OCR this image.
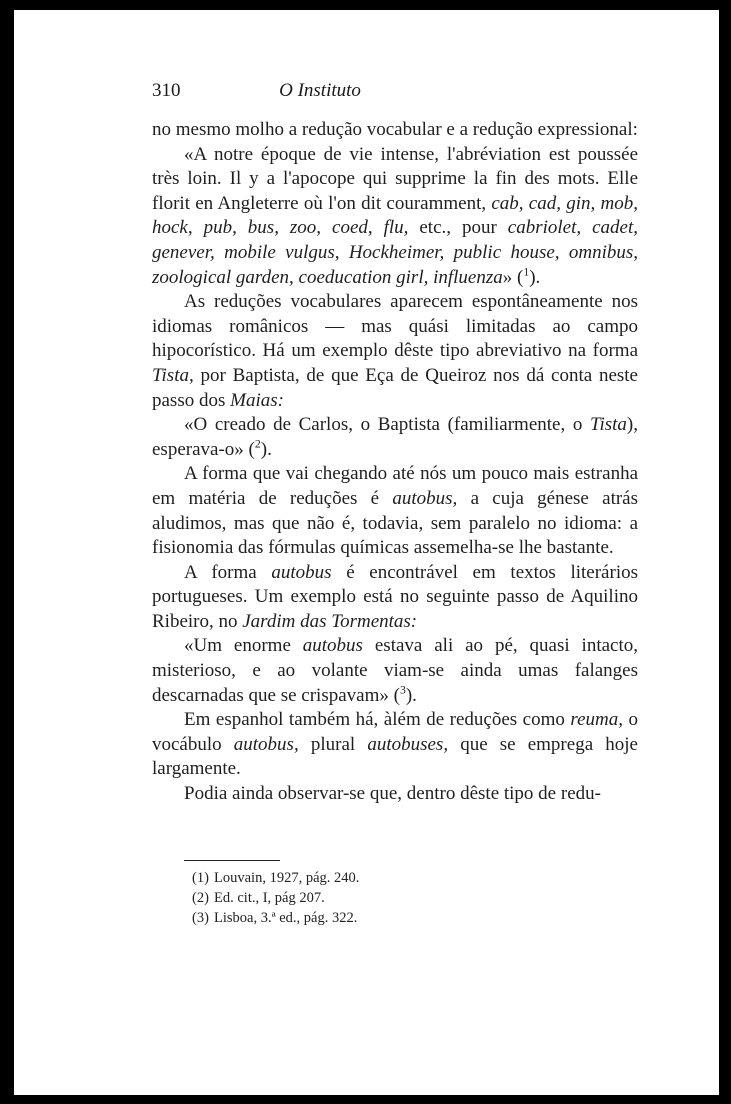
310	O Instituto

no mesmo molho a redução vocabular e a redução expressional:

«A notre époque de vie intense, l'abréviation est poussée très loin. Il y a l'apocope qui supprime la fin des mots. Elle florit en Angleterre où l'on dit couramment, cab, cad, gin, mob, hock, pub, bus, zoo, coed, flu, etc., pour cabriolet, cadet, genever, mobile vulgus, Hockheimer, public house, omnibus, zoological garden, coeducation girl, influenza» ($^1$).

As reduções vocabulares aparecem espontâneamente nos idiomas românicos — mas quási limitadas ao campo hipocorístico. Há um exemplo dêste tipo abreviativo na forma Tista, por Baptista, de que Eça de Queiroz nos dá conta neste passo dos Maias:

«O creado de Carlos, o Baptista (familiarmente, o Tista), esperava-o» ($^2$).

A forma que vai chegando até nós um pouco mais estranha em matéria de reduções é autobus, a cuja génese atrás aludimos, mas que não é, todavia, sem paralelo no idioma: a fisionomia das fórmulas químicas assemelha-se lhe bastante.

A forma autobus é encontrável em textos literários portugueses. Um exemplo está no seguinte passo de Aquilino Ribeiro, no Jardim das Tormentas:

«Um enorme autobus estava ali ao pé, quasi intacto, misterioso, e ao volante viam-se ainda umas falanges descarnadas que se crispavam» ($^3$).

Em espanhol também há, àlém de reduções como reuma, o vocábulo autobus, plural autobuses, que se emprega hoje largamente.

Podia ainda observar-se que, dentro dêste tipo de redu-

(1) Louvain, 1927, pág. 240.
(2) Ed. cit., I, pág 207.
(3) Lisboa, 3.ª ed., pág. 322.
